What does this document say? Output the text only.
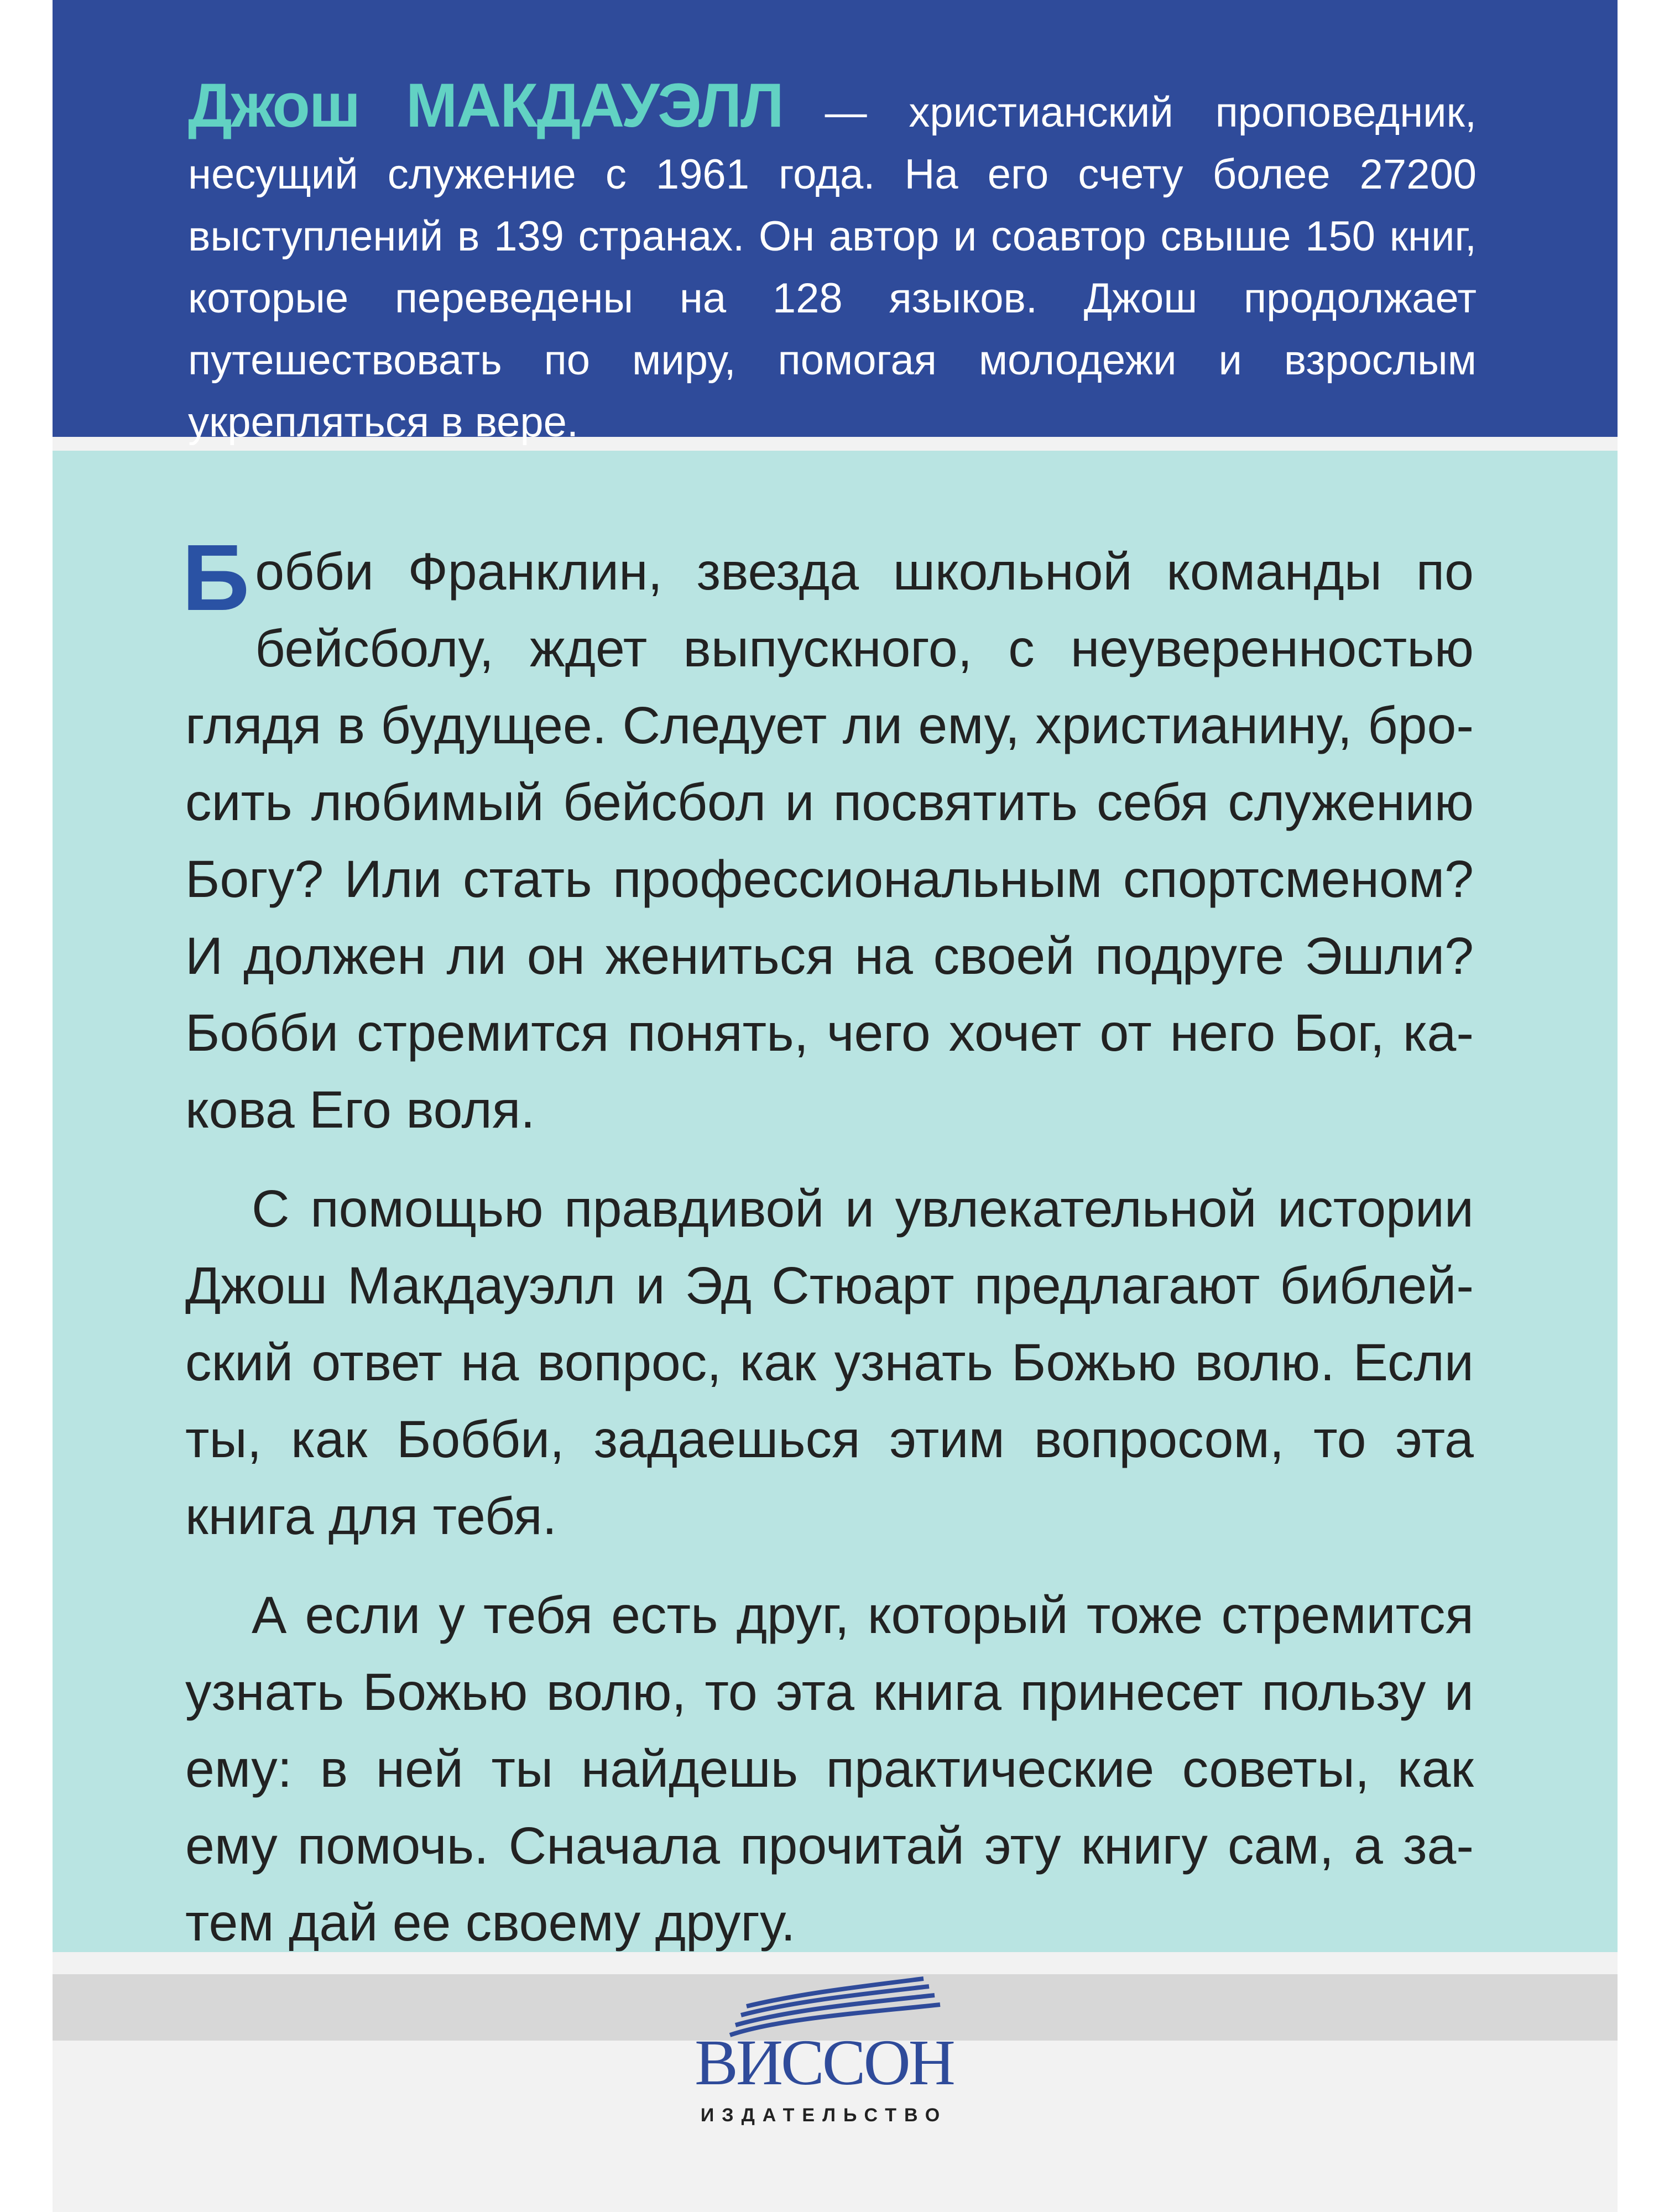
Джош МАКДАУЭЛЛ — христианский проповедник, несущий служение с 1961 года. На его счету более 27200 выступлений в 139 странах. Он автор и соавтор свыше 150 книг, которые переведены на 128 языков. Джош продолжает путешествовать по миру, помогая молодежи и взрослым укрепляться в вере.

Бобби Франклин, звезда школьной команды по бейсболу, ждет выпускного, с неуверенностью глядя в будущее. Следует ли ему, христианину, бросить любимый бейсбол и посвятить себя служению Богу? Или стать профессиональным спортсменом? И должен ли он жениться на своей подруге Эшли? Бобби стремится понять, чего хочет от него Бог, какова Его воля.

С помощью правдивой и увлекательной истории Джош Макдауэлл и Эд Стюарт предлагают библейский ответ на вопрос, как узнать Божью волю. Если ты, как Бобби, задаешься этим вопросом, то эта книга для тебя.

А если у тебя есть друг, который тоже стремится узнать Божью волю, то эта книга принесет пользу и ему: в ней ты найдешь практические советы, как ему помочь. Сначала прочитай эту книгу сам, а затем дай ее своему другу.

ВИССОН
ИЗДАТЕЛЬСТВО
